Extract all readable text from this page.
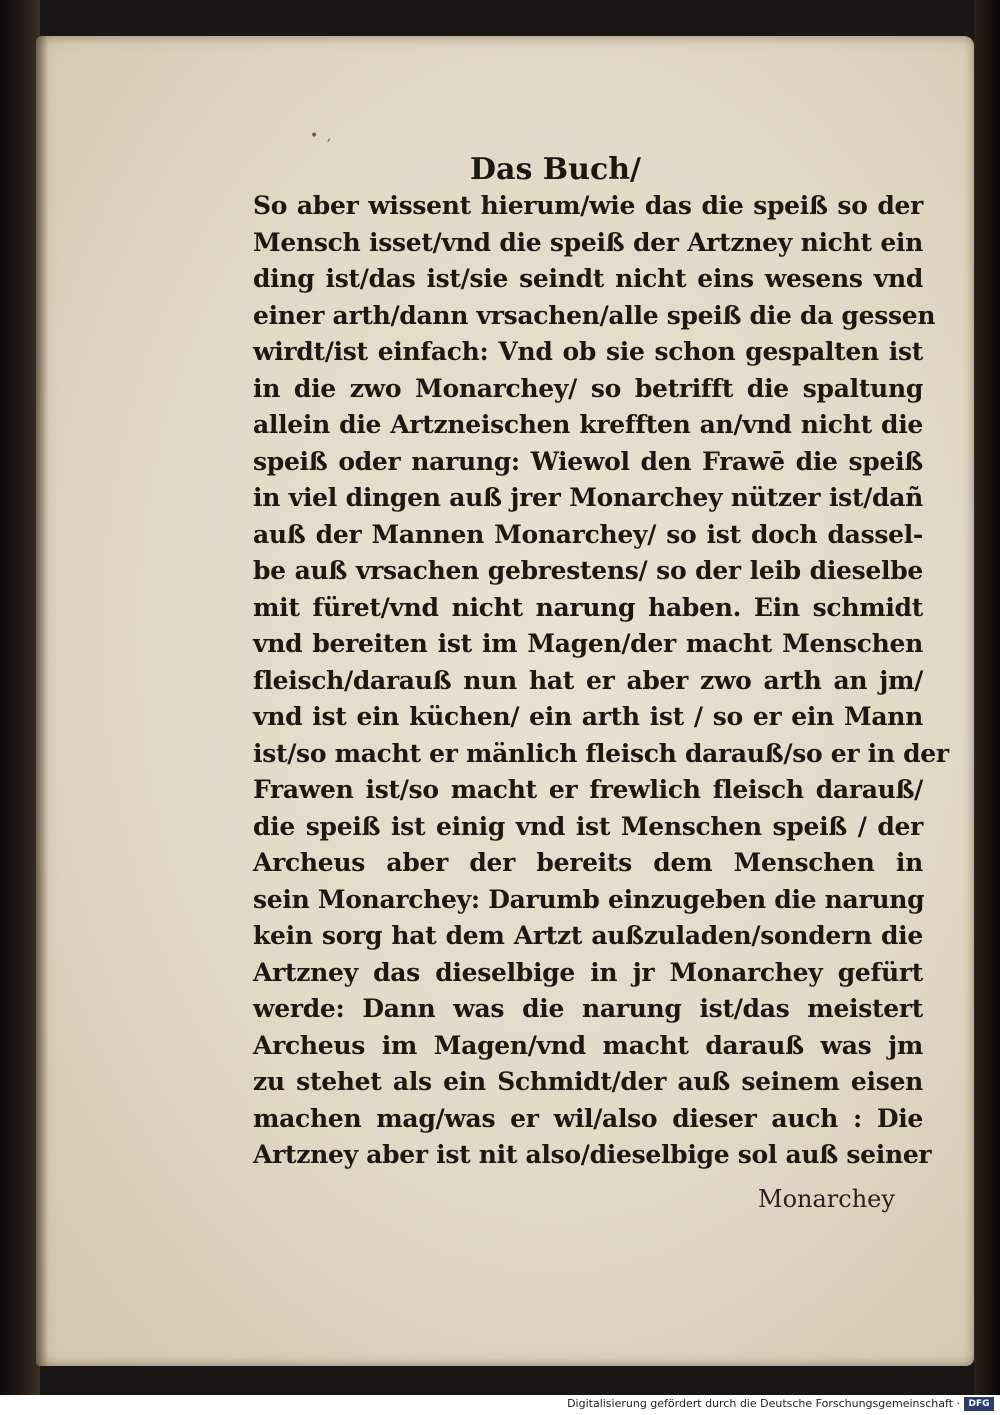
• ‚
Das Buch/
So aber wissent hierum/wie das die speiß so der
Mensch isset/vnd die speiß der Artzney nicht ein
ding ist/das ist/sie seindt nicht eins wesens vnd
einer arth/dann vrsachen/alle speiß die da gessen
wirdt/ist einfach: Vnd ob sie schon gespalten ist
in die zwo Monarchey/ so betrifft die spaltung
allein die Artzneischen krefften an/vnd nicht die
speiß oder narung: Wiewol den Frawē die speiß
in viel dingen auß jrer Monarchey nützer ist/dañ
auß der Mannen Monarchey/ so ist doch dassel-
be auß vrsachen gebrestens/ so der leib dieselbe
mit füret/vnd nicht narung haben. Ein schmidt
vnd bereiten ist im Magen/der macht Menschen
fleisch/darauß nun hat er aber zwo arth an jm/
vnd ist ein küchen/ ein arth ist / so er ein Mann
ist/so macht er mänlich fleisch darauß/so er in der
Frawen ist/so macht er frewlich fleisch darauß/
die speiß ist einig vnd ist Menschen speiß / der
Archeus aber der bereits dem Menschen in
sein Monarchey: Darumb einzugeben die narung
kein sorg hat dem Artzt außzuladen/sondern die
Artzney das dieselbige in jr Monarchey gefürt
werde: Dann was die narung ist/das meistert
Archeus im Magen/vnd macht darauß was jm
zu stehet als ein Schmidt/der auß seinem eisen
machen mag/was er wil/also dieser auch : Die
Artzney aber ist nit also/dieselbige sol auß seiner
Monarchey
Digitalisierung gefördert durch die Deutsche Forschungsgemeinschaft · DFG
